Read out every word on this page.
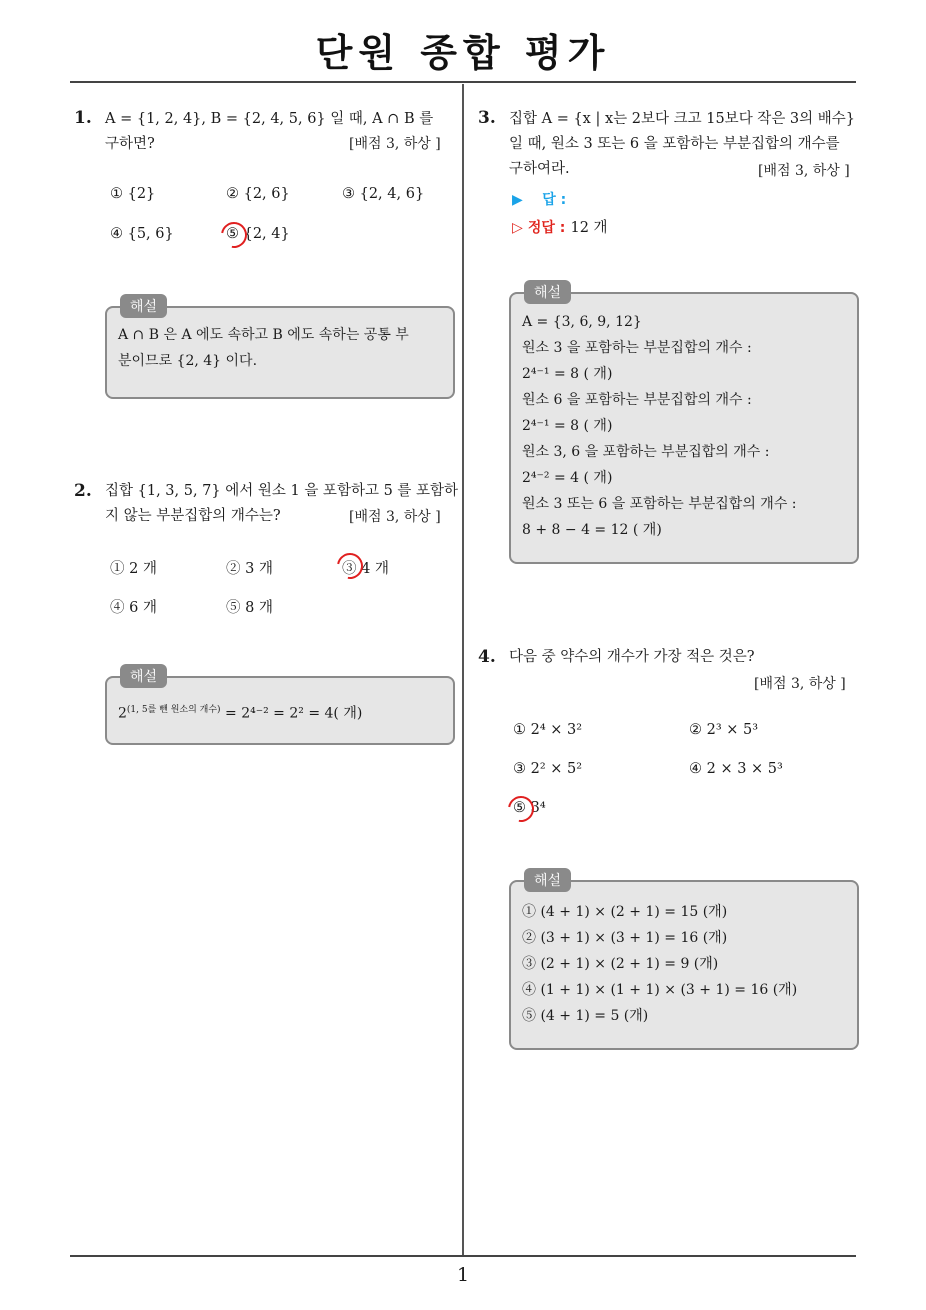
단원 종합 평가
1
1. A = {1, 2, 4}, B = {2, 4, 5, 6} 일 때, A ∩ B 를
구하면?	[배점 3, 하상 ]
① {2}	② {2, 6}	③ {2, 4, 6}
④ {5, 6}	⑤ {2, 4}
해설
A ∩ B 은 A 에도 속하고 B 에도 속하는 공통 부
분이므로 {2, 4} 이다.
2. 집합 {1, 3, 5, 7} 에서 원소 1 을 포함하고 5 를 포함하
지 않는 부분집합의 개수는?	[배점 3, 하상 ]
① 2 개	② 3 개	③ 4 개
④ 6 개	⑤ 8 개
해설
$2^{(1, 5를 뺀 원소의 개수)} = 2^{4-2} = 2^2 = 4$( 개)
3. 집합 A = {x | x는 2보다 크고 15보다 작은 3의 배수}
일 때, 원소 3 또는 6 을 포함하는 부분집합의 개수를
구하여라.	[배점 3, 하상 ]
▶ 답 :
▷ 정답 : 12 개
해설
A = {3, 6, 9, 12}
원소 3 을 포함하는 부분집합의 개수 :
2⁴⁻¹ = 8 ( 개)
원소 6 을 포함하는 부분집합의 개수 :
2⁴⁻¹ = 8 ( 개)
원소 3, 6 을 포함하는 부분집합의 개수 :
2⁴⁻² = 4 ( 개)
원소 3 또는 6 을 포함하는 부분집합의 개수 :
8 + 8 − 4 = 12 ( 개)
4. 다음 중 약수의 개수가 가장 적은 것은?
[배점 3, 하상 ]
① 2⁴ × 3²	② 2³ × 5³
③ 2² × 5²	④ 2 × 3 × 5³
⑤ 3⁴
해설
① (4 + 1) × (2 + 1) = 15 (개)
② (3 + 1) × (3 + 1) = 16 (개)
③ (2 + 1) × (2 + 1) = 9 (개)
④ (1 + 1) × (1 + 1) × (3 + 1) = 16 (개)
⑤ (4 + 1) = 5 (개)
